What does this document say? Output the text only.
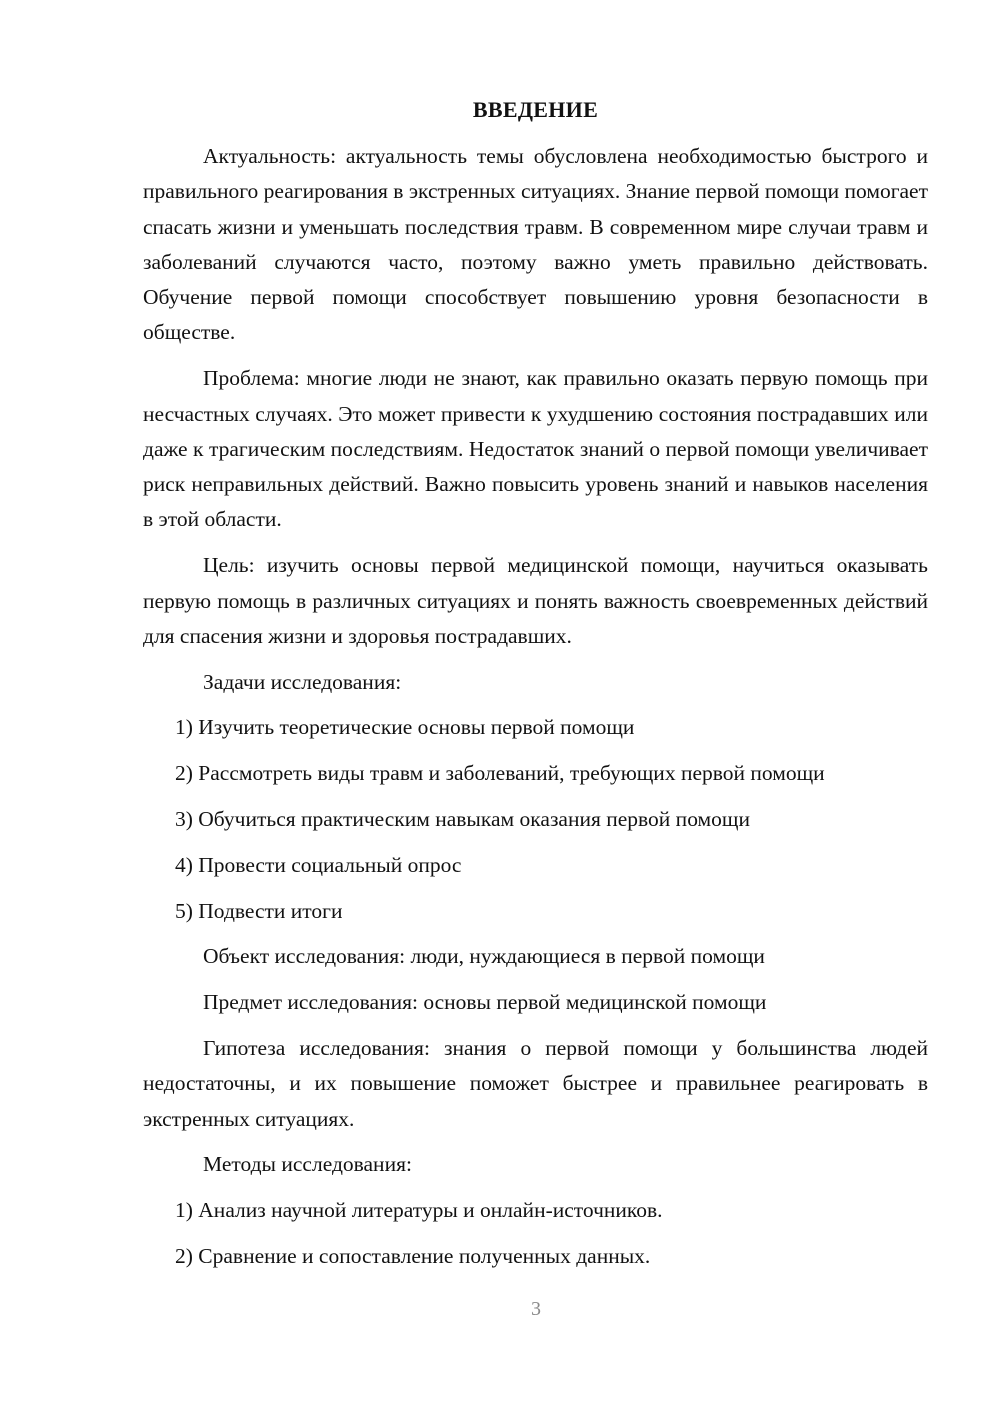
ВВЕДЕНИЕ
Актуальность: актуальность темы обусловлена необходимостью быстрого и правильного реагирования в экстренных ситуациях. Знание первой помощи помогает спасать жизни и уменьшать последствия травм. В современном мире случаи травм и заболеваний случаются часто, поэтому важно уметь правильно действовать. Обучение первой помощи способствует повышению уровня безопасности в обществе.
Проблема: многие люди не знают, как правильно оказать первую помощь при несчастных случаях. Это может привести к ухудшению состояния пострадавших или даже к трагическим последствиям. Недостаток знаний о первой помощи увеличивает риск неправильных действий. Важно повысить уровень знаний и навыков населения в этой области.
Цель: изучить основы первой медицинской помощи, научиться оказывать первую помощь в различных ситуациях и понять важность своевременных действий для спасения жизни и здоровья пострадавших.
Задачи исследования:
1) Изучить теоретические основы первой помощи
2) Рассмотреть виды травм и заболеваний, требующих первой помощи
3) Обучиться практическим навыкам оказания первой помощи
4) Провести социальный опрос
5) Подвести итоги
Объект исследования: люди, нуждающиеся в первой помощи
Предмет исследования: основы первой медицинской помощи
Гипотеза исследования: знания о первой помощи у большинства людей недостаточны, и их повышение поможет быстрее и правильнее реагировать в экстренных ситуациях.
Методы исследования:
1) Анализ научной литературы и онлайн-источников.
2) Сравнение и сопоставление полученных данных.
3
